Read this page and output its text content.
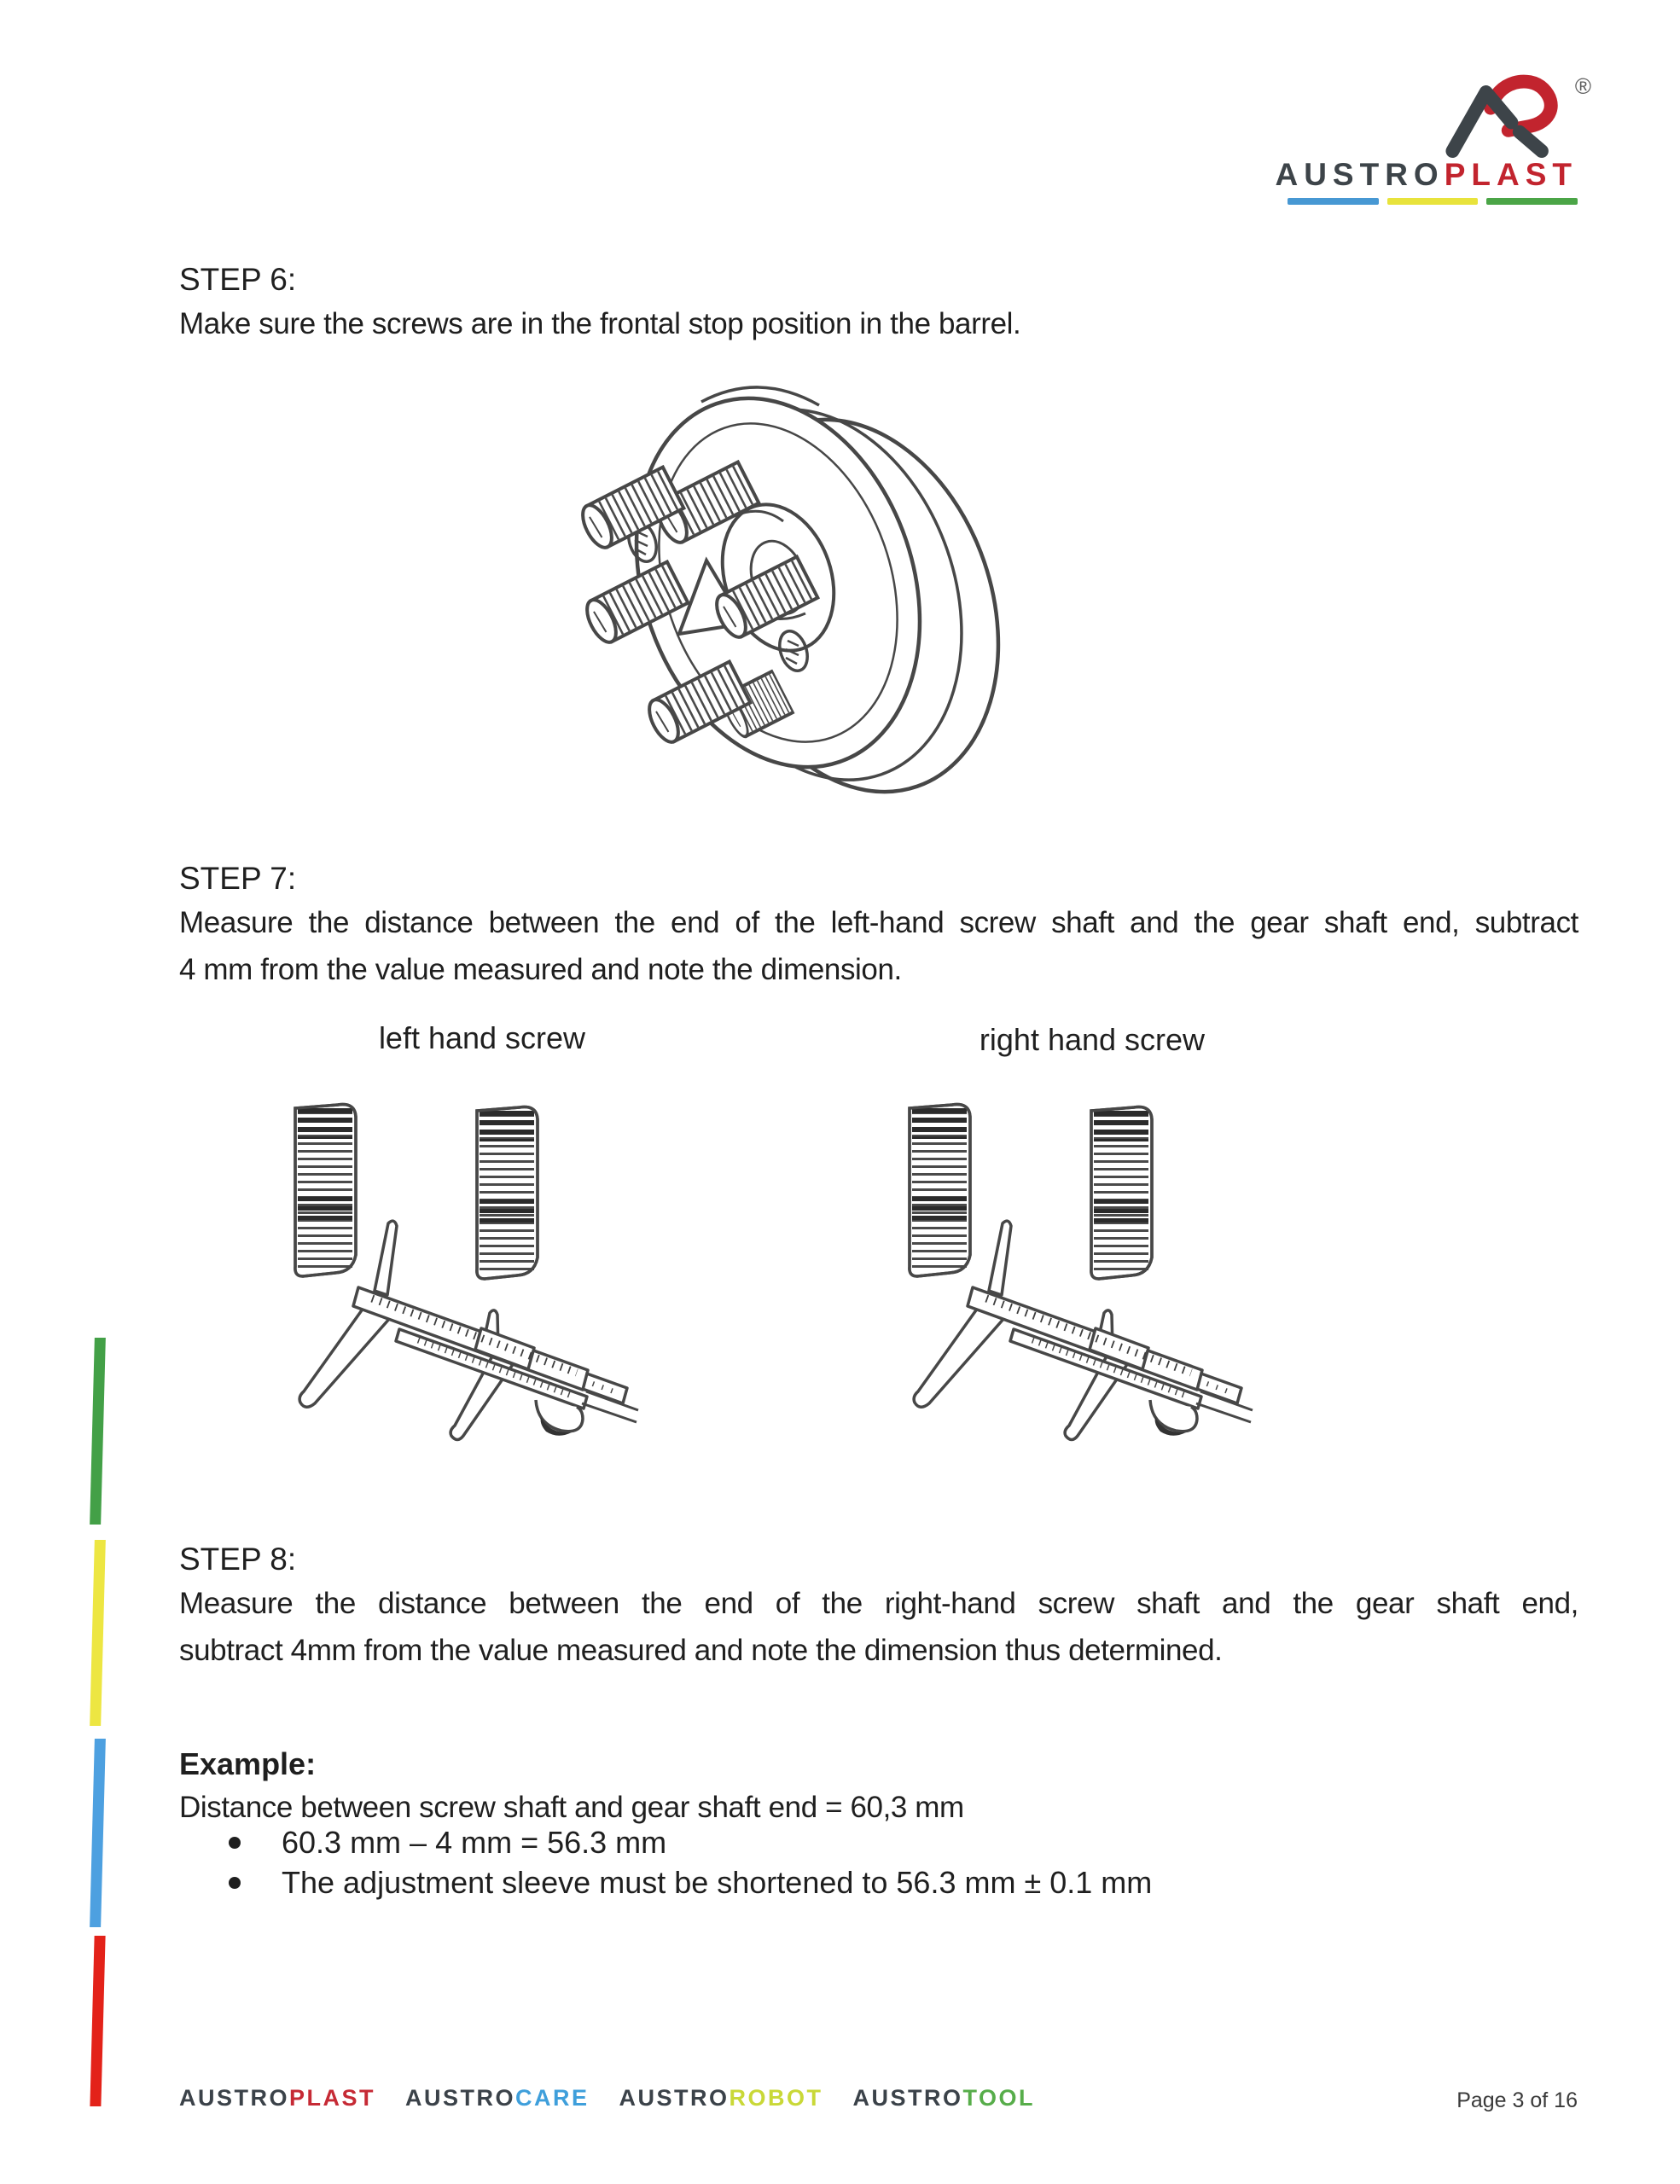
®
AUSTROPLAST
STEP 6:
Make sure the screws are in the frontal stop position in the barrel.
STEP 7:
Measure the distance between the end of the left-hand screw shaft and the gear shaft end, subtract
4 mm from the value measured and note the dimension.
left hand screw	right hand screw
STEP 8:
Measure the distance between the end of the right-hand screw shaft and the gear shaft end,
subtract 4mm from the value measured and note the dimension thus determined.
Example:
Distance between screw shaft and gear shaft end = 60,3 mm
60.3 mm – 4 mm = 56.3 mm
The adjustment sleeve must be shortened to 56.3 mm ± 0.1 mm
AUSTROPLAST AUSTROCARE AUSTROROBOT AUSTROTOOL	Page 3 of 16
